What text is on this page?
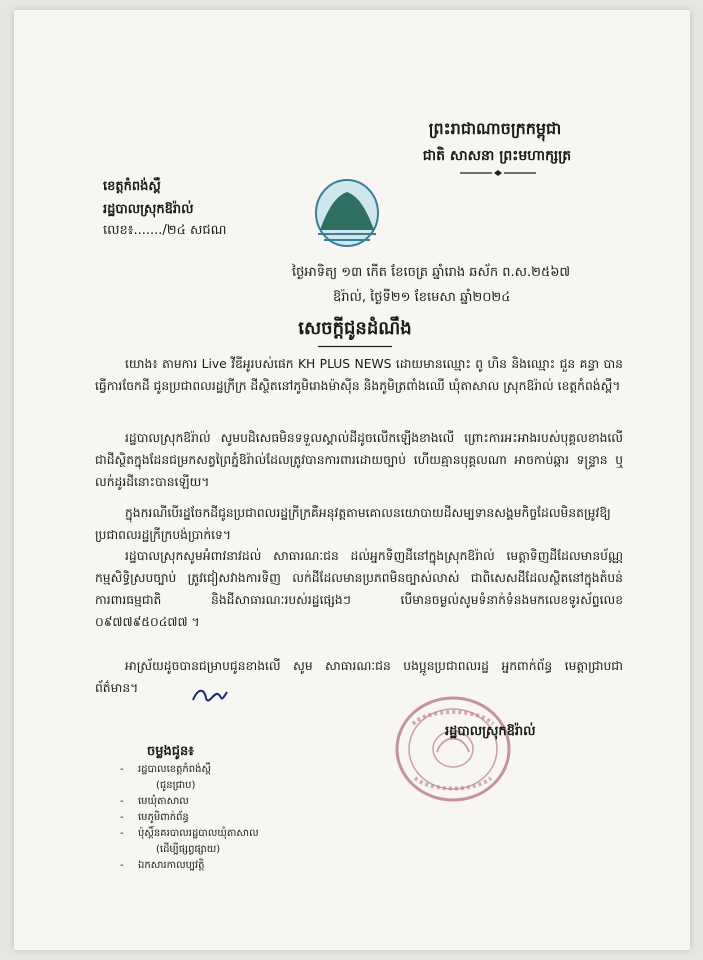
ព្រះរាជាណាចក្រកម្ពុជា
ជាតិ សាសនា ព្រះមហាក្សត្រ
ខេត្តកំពង់ស្ពឺ
រដ្ឋបាលស្រុកឱរ៉ាល់
លេខ៖......./២៤ សជណ
ថ្ងៃអាទិត្យ ១៣ កើត ខែចេត្រ ឆ្នាំរោង ឆស័ក ព.ស.២៥៦៧
ឱរ៉ាល់, ថ្ងៃទី២១ ខែមេសា ឆ្នាំ២០២៤
សេចក្តីជូនដំណឹង
យោង៖ តាមការ Live វីឌីអូរបស់ផេក KH PLUS NEWS ដោយមានឈ្មោះ ពូ ហិន និងឈ្មោះ ជួន គន្ធា បានធ្វើការចែកដី ជូនប្រជាពលរដ្ឋក្រីក្រ ដីស្ថិតនៅភូមិរោងម៉ាស៊ីន និងភូមិត្រពាំងឈើ ឃុំតាសាល ស្រុកឱរ៉ាល់ ខេត្តកំពង់ស្ពឺ។
រដ្ឋបាលស្រុកឱរ៉ាល់ សូមបដិសេធមិនទទួលស្គាល់ដីដូចលើកឡើងខាងលើ ព្រោះការអះអាងរបស់បុគ្គលខាងលើ ជាដីស្ថិតក្នុងដែនជម្រកសត្វព្រៃភ្នំឱរ៉ាល់ដែលត្រូវបានការពារដោយច្បាប់ ហើយគ្មានបុគ្គលណា អាចកាប់ឆ្ការ ទន្ទ្រាន ឬលក់ដូរដីនោះបានឡើយ។
ក្នុងករណីបើរដ្ឋចែកដីជូនប្រជាពលរដ្ឋក្រីក្រគឺអនុវត្តតាមគោលនយោបាយដីសម្បទានសង្គមកិច្ចដែលមិនតម្រូវឱ្យប្រជាពលរដ្ឋក្រីក្របង់ប្រាក់ទេ។
រដ្ឋបាលស្រុកសូមអំពាវនាវដល់ សាធារណៈជន ដល់អ្នកទិញដីនៅក្នុងស្រុកឱរ៉ាល់ មេត្តាទិញដីដែលមានប័ណ្ណកម្មសិទ្ធិស្របច្បាប់ ត្រូវជៀសវាងការទិញ លក់ដីដែលមានប្រភពមិនច្បាស់លាស់ ជាពិសេសដីដែលស្ថិតនៅក្នុងតំបន់ការពារធម្មជាតិ និងដីសាធារណៈរបស់រដ្ឋផ្សេងៗ បើមានចម្ងល់សូមទំនាក់ទំនងមកលេខទូរស័ព្ទលេខ ០៩៧៧៩៥០៤៧៧ ។
អាស្រ័យដូចបានជម្រាបជូនខាងលើ សូម សាធារណៈជន បងប្អូនប្រជាពលរដ្ឋ អ្នកពាក់ព័ន្ធ មេត្តាជ្រាបជាព័ត៌មាន។
រដ្ឋបាលស្រុកឱរ៉ាល់
ចម្លងជូន៖
- រដ្ឋបាលខេត្តកំពង់ស្ពឺ
(ជូនជ្រាប)
- មេឃុំតាសាល
- មេភូមិពាក់ព័ន្ធ
- ប៉ុស្តិ៍នគរបាលរដ្ឋបាលឃុំតាសាល
(ដើម្បីផ្សព្វផ្សាយ)
- ឯកសារកាលប្បវត្តិ
